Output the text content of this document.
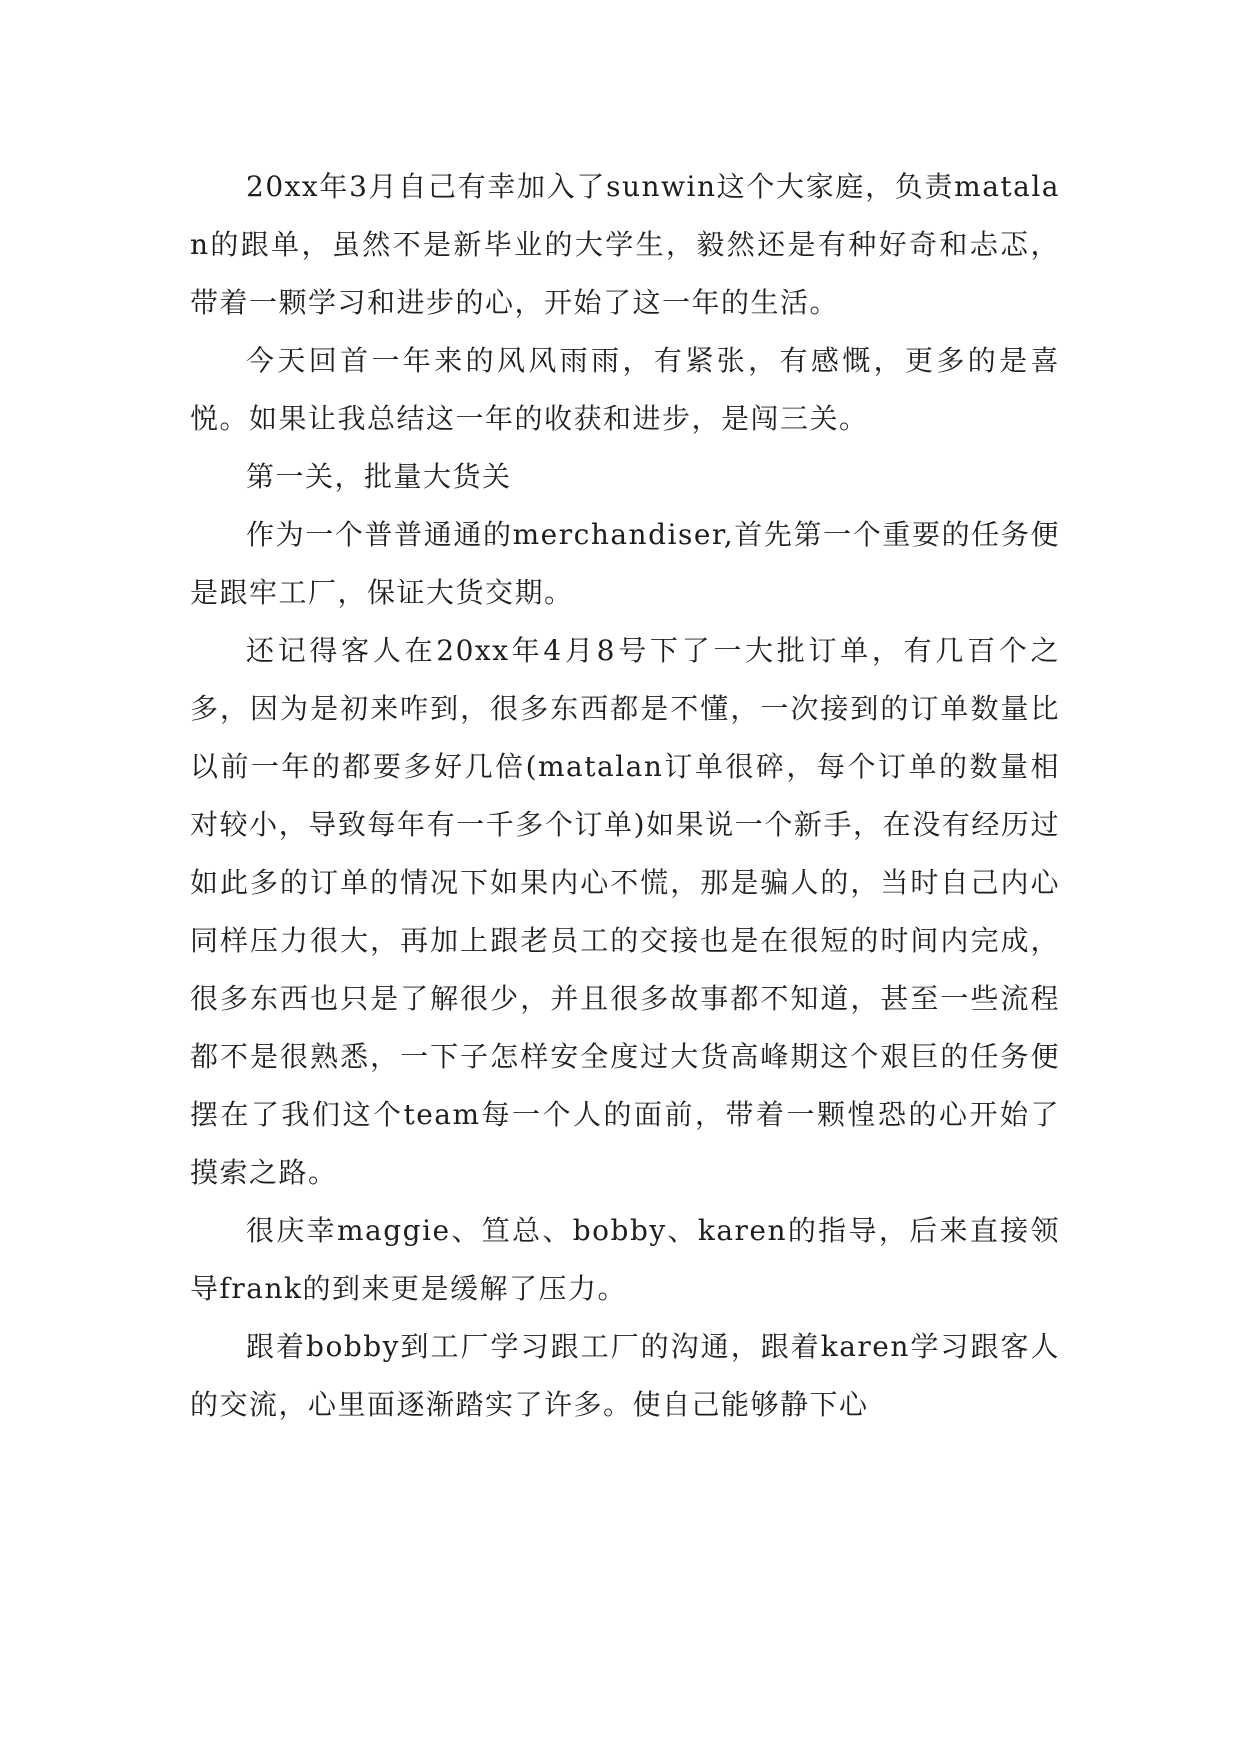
20xx年3月自己有幸加入了sunwin这个大家庭，负责matalan的跟单，虽然不是新毕业的大学生，毅然还是有种好奇和忐忑，带着一颗学习和进步的心，开始了这一年的生活。

今天回首一年来的风风雨雨，有紧张，有感慨，更多的是喜悦。如果让我总结这一年的收获和进步，是闯三关。

第一关，批量大货关

作为一个普普通通的merchandiser,首先第一个重要的任务便是跟牢工厂，保证大货交期。

还记得客人在20xx年4月8号下了一大批订单，有几百个之多，因为是初来咋到，很多东西都是不懂，一次接到的订单数量比以前一年的都要多好几倍(matalan订单很碎，每个订单的数量相对较小，导致每年有一千多个订单)如果说一个新手，在没有经历过如此多的订单的情况下如果内心不慌，那是骗人的，当时自己内心同样压力很大，再加上跟老员工的交接也是在很短的时间内完成，很多东西也只是了解很少，并且很多故事都不知道，甚至一些流程都不是很熟悉，一下子怎样安全度过大货高峰期这个艰巨的任务便摆在了我们这个team每一个人的面前，带着一颗惶恐的心开始了摸索之路。

很庆幸maggie、笪总、bobby、karen的指导，后来直接领导frank的到来更是缓解了压力。

跟着bobby到工厂学习跟工厂的沟通，跟着karen学习跟客人的交流，心里面逐渐踏实了许多。使自己能够静下心
